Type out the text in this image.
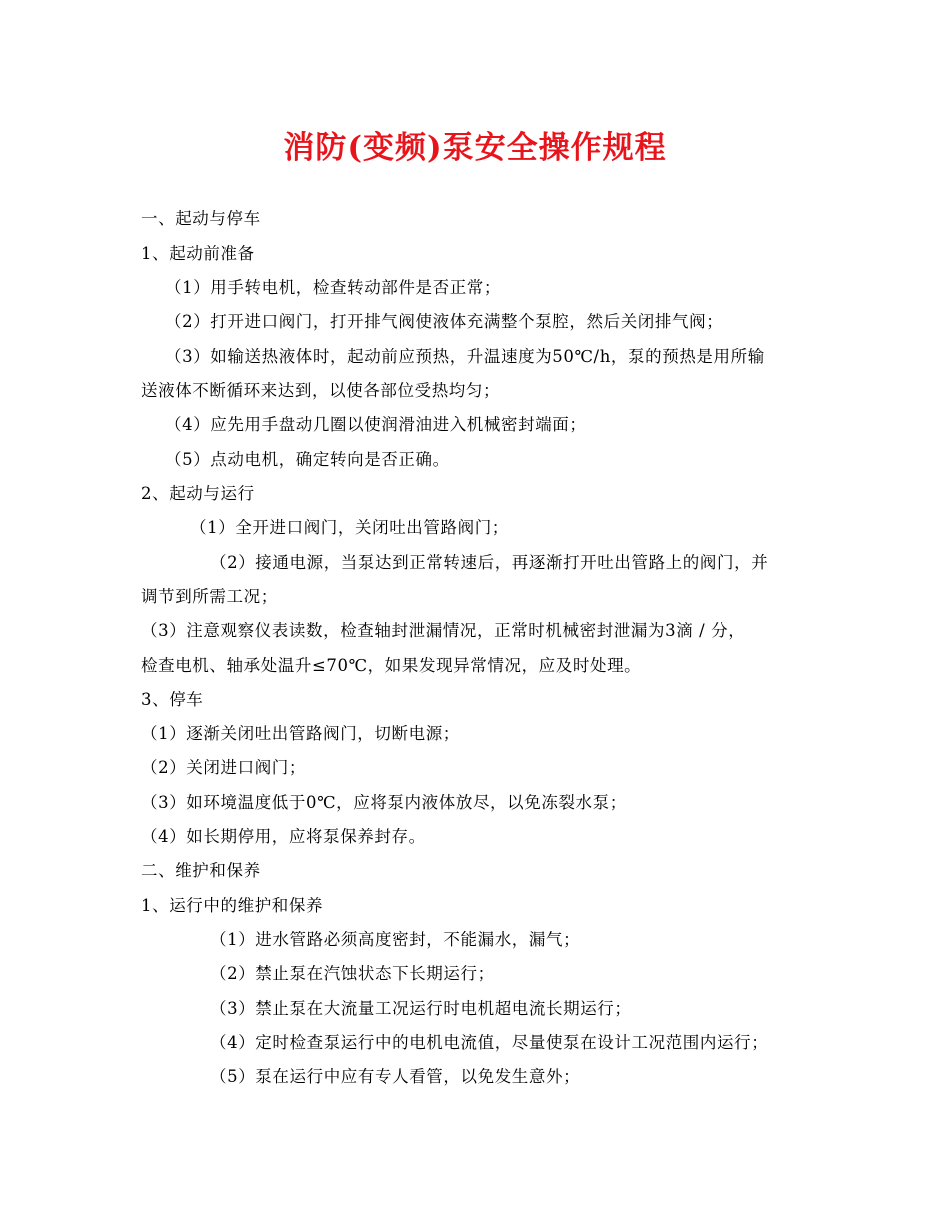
消防(变频)泵安全操作规程
一、起动与停车
1、起动前准备
（1）用手转电机，检查转动部件是否正常；
（2）打开进口阀门，打开排气阀使液体充满整个泵腔，然后关闭排气阀；
（3）如输送热液体时，起动前应预热，升温速度为50℃/h，泵的预热是用所输
送液体不断循环来达到，以使各部位受热均匀；
（4）应先用手盘动几圈以使润滑油进入机械密封端面；
（5）点动电机，确定转向是否正确。
2、起动与运行
（1）全开进口阀门，关闭吐出管路阀门；
（2）接通电源，当泵达到正常转速后，再逐渐打开吐出管路上的阀门，并
调节到所需工况；
（3）注意观察仪表读数，检查轴封泄漏情况，正常时机械密封泄漏为3滴 / 分，
检查电机、轴承处温升≤70℃，如果发现异常情况，应及时处理。
3、停车
（1）逐渐关闭吐出管路阀门，切断电源；
（2）关闭进口阀门；
（3）如环境温度低于0℃，应将泵内液体放尽，以免冻裂水泵；
（4）如长期停用，应将泵保养封存。
二、维护和保养
1、运行中的维护和保养
（1）进水管路必须高度密封，不能漏水，漏气；
（2）禁止泵在汽蚀状态下长期运行；
（3）禁止泵在大流量工况运行时电机超电流长期运行；
（4）定时检查泵运行中的电机电流值，尽量使泵在设计工况范围内运行；
（5）泵在运行中应有专人看管，以免发生意外；
